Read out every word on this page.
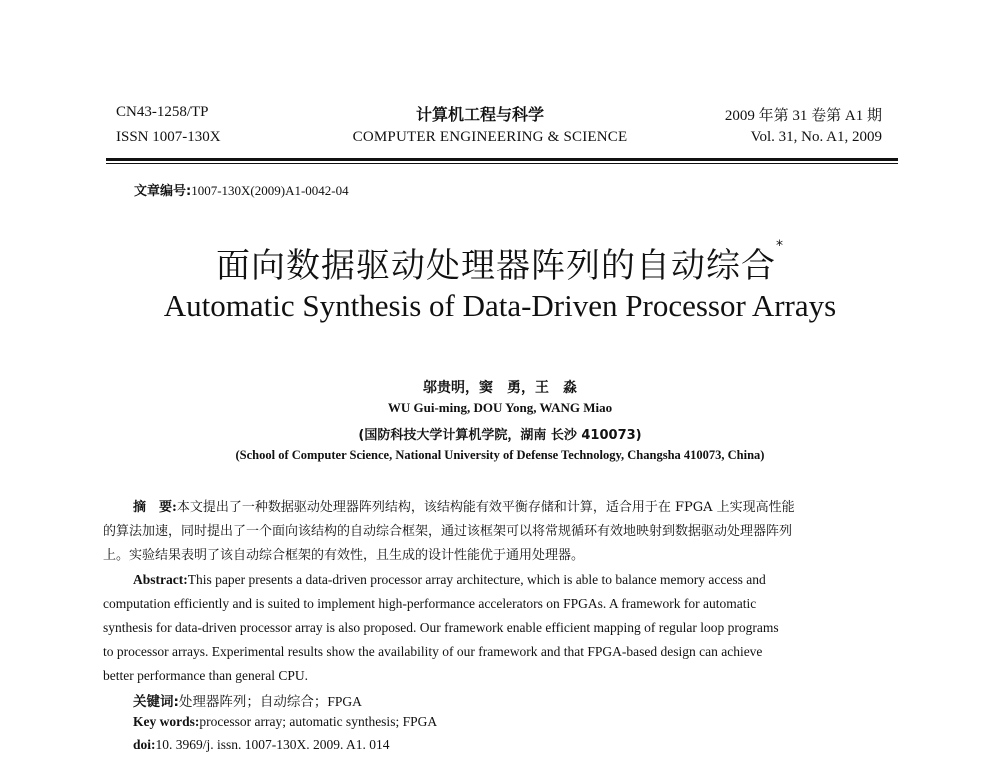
CN43-1258/TP
ISSN 1007-130X
计算机工程与科学
COMPUTER ENGINEERING & SCIENCE
2009 年第 31 卷第 A1 期
Vol. 31, No. A1, 2009
文章编号:1007-130X(2009)A1-0042-04
面向数据驱动处理器阵列的自动综合*
Automatic Synthesis of Data-Driven Processor Arrays
邬贵明，窦　勇，王　淼
WU Gui-ming, DOU Yong, WANG Miao
(国防科技大学计算机学院，湖南 长沙 410073)
(School of Computer Science, National University of Defense Technology, Changsha 410073, China)
摘　要:本文提出了一种数据驱动处理器阵列结构，该结构能有效平衡存储和计算，适合用于在 FPGA 上实现高性能
的算法加速，同时提出了一个面向该结构的自动综合框架，通过该框架可以将常规循环有效地映射到数据驱动处理器阵列
上。实验结果表明了该自动综合框架的有效性，且生成的设计性能优于通用处理器。
Abstract:This paper presents a data-driven processor array architecture, which is able to balance memory access and
computation efficiently and is suited to implement high-performance accelerators on FPGAs. A framework for automatic
synthesis for data-driven processor array is also proposed. Our framework enable efficient mapping of regular loop programs
to processor arrays. Experimental results show the availability of our framework and that FPGA-based design can achieve
better performance than general CPU.
关键词:处理器阵列；自动综合；FPGA
Key words:processor array; automatic synthesis; FPGA
doi:10. 3969/j. issn. 1007-130X. 2009. A1. 014
